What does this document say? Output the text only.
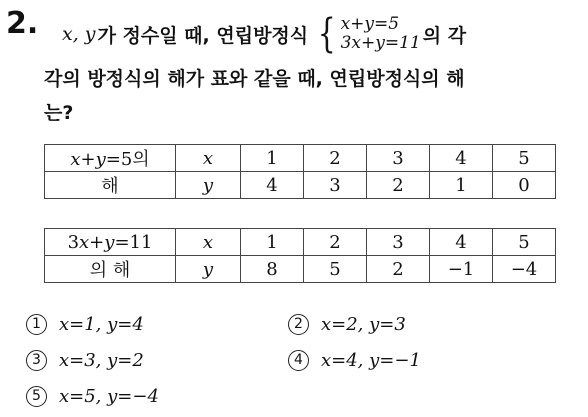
2. x, y 가 정수일 때, 연립방정식 { x+y=5
3x+y=11 의 각
각의 방정식의 해가 표와 같을 때, 연립방정식의 해
는?
x+y=5의	x	1	2	3	4	5
해	y	4	3	2	1	0
3x+y=11	x	1	2	3	4	5
의 해	y	8	5	2	−1	−4
1 x=1, y=4	2 x=2, y=3
3 x=3, y=2	4 x=4, y=−1
5 x=5, y=−4
